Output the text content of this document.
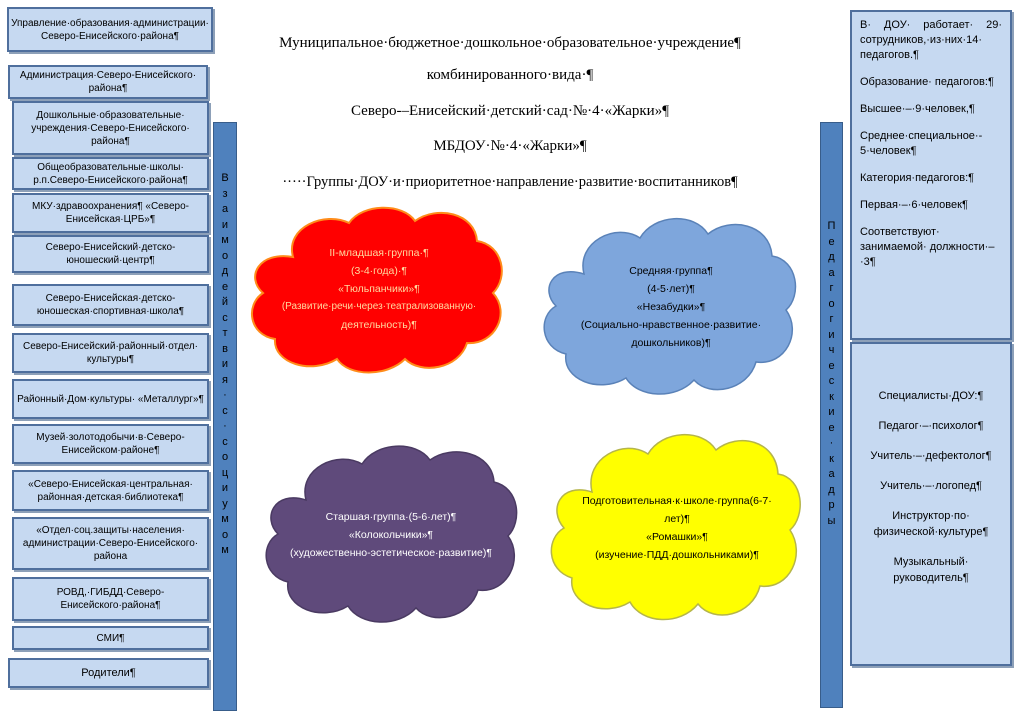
Муниципальное·бюджетное·дошкольное·образовательное·учреждение¶
комбинированного·вида·¶
Северо-–Енисейский·детский·сад·№·4·«Жарки»¶
МБДОУ·№·4·«Жарки»¶
·····Группы·ДОУ·и·приоритетное·направление·развитие·воспитанников¶
Управление·образования·администрации· Северо-Енисейского·района¶
Администрация·Северо-Енисейского· района¶
Дошкольные·образовательные· учреждения·Северо-Енисейского· района¶
Общеобразовательные·школы· р.п.Северо-Енисейского·района¶
МКУ·здравоохранения¶ «Северо-Енисейская·ЦРБ»¶
Северо-Енисейский·детско- юношеский·центр¶
Северо-Енисейская·детско- юношеская·спортивная·школа¶
Северо-Енисейский·районный·отдел· культуры¶
Районный·Дом·культуры· «Металлург»¶
Музей·золотодобычи·в·Северо- Енисейском·районе¶
«Северо-Енисейская·центральная· районная·детская·библиотека¶
«Отдел·соц.защиты·населения· администрации·Северо-Енисейского· района
РОВД,·ГИБДД·Северо- Енисейского·района¶
СМИ¶
Родители¶
В
з
а
и
м
о
д
е
й
с
т
в
и
я
·
с
·
с
о
ц
и
у
м
о
м
П
е
д
а
г
о
г
и
ч
е
с
к
и
е
·
к
а
д
р
ы
II-младшая·группа·¶
(3-4·года)·¶
«Тюльпанчики»¶
(Развитие·речи·через·театрализованную·
деятельность)¶
Средняя·группа¶
(4-5·лет)¶
«Незабудки»¶
(Социально-нравственное·развитие·
дошкольников)¶
Старшая·группа·(5-6·лет)¶
«Колокольчики»¶
(художественно-эстетическое·развитие)¶
Подготовительная·к·школе·группа(6-7·
лет)¶
«Ромашки»¶
(изучение·ПДД·дошкольниками)¶
В· ДОУ· работает· 29· сотрудников,·из·них·14· педагогов.¶
Образование· педагогов:¶
Высшее·–·9·человек,¶
Среднее·специальное·- 5·человек¶
Категория·педагогов:¶
Первая·–·6·человек¶
Соответствуют· занимаемой· должности·–·3¶
Специалисты·ДОУ:¶
Педагог·–·психолог¶
Учитель·–·дефектолог¶
Учитель·–·логопед¶
Инструктор·по· физической·культуре¶
Музыкальный· руководитель¶
